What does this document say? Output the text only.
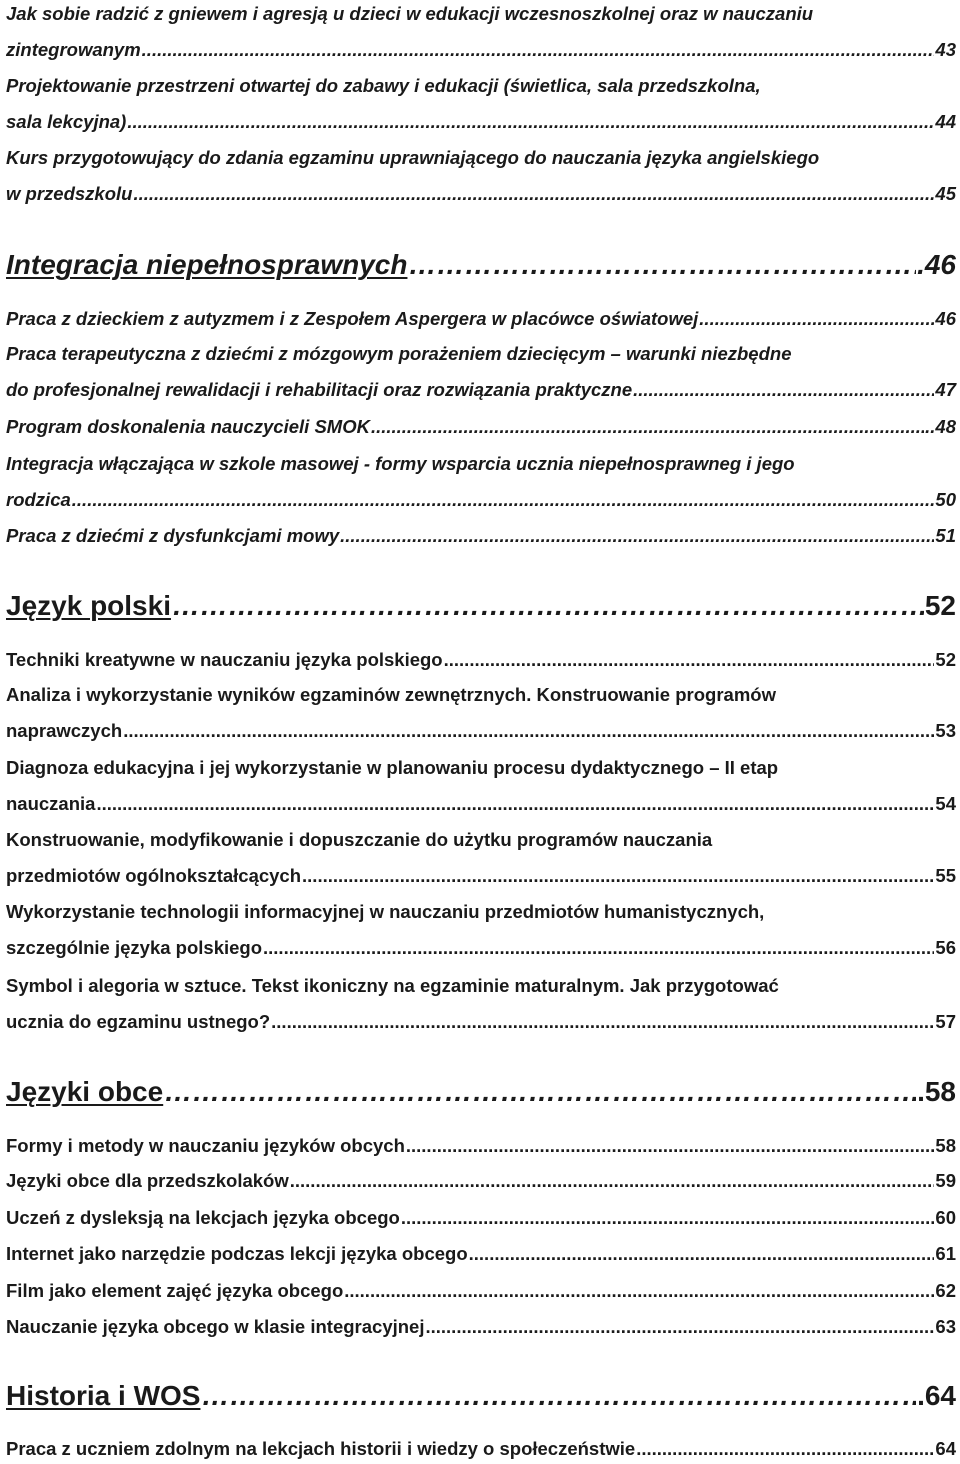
Jak sobie radzić z gniewem i agresją u dzieci w edukacji wczesnoszkolnej oraz w nauczaniu
zintegrowanym .....	43
Projektowanie przestrzeni otwartej do zabawy i edukacji (świetlica, sala przedszkolna,
sala lekcyjna) .....	44
Kurs przygotowujący do zdania egzaminu uprawniającego do nauczania języka angielskiego
w przedszkolu .....	45
Integracja niepełnosprawnych ……………………………………………………………………………………………………………………………………………………………………………	.46
Praca z dzieckiem z autyzmem i z Zespołem Aspergera w placówce oświatowej .....	46
Praca terapeutyczna z dziećmi z mózgowym porażeniem dziecięcym – warunki niezbędne
do profesjonalnej rewalidacji i rehabilitacji oraz rozwiązania praktyczne .....	47
Program doskonalenia nauczycieli SMOK .....	..48
Integracja włączająca w szkole masowej - formy wsparcia ucznia niepełnosprawneg i jego
rodzica .....	50
Praca z dziećmi z dysfunkcjami mowy .....	51
Język polski ……………………………………………………………………………………………………………………………………………………………………………	52
Techniki kreatywne w nauczaniu języka polskiego .....	52
Analiza i wykorzystanie wyników egzaminów zewnętrznych. Konstruowanie programów
naprawczych .....	53
Diagnoza edukacyjna i jej wykorzystanie w planowaniu procesu dydaktycznego – II etap
nauczania .....	54
Konstruowanie, modyfikowanie i dopuszczanie do użytku programów nauczania
przedmiotów ogólnokształcących .....	55
Wykorzystanie technologii informacyjnej w nauczaniu przedmiotów humanistycznych,
szczególnie języka polskiego .....	56
Symbol i alegoria w sztuce. Tekst ikoniczny na egzaminie maturalnym. Jak przygotować
ucznia do egzaminu ustnego? .....	57
Języki obce ……………………………………………………………………………………………………………………………………………………………………………	.58
Formy i metody w nauczaniu języków obcych .....	58
Języki obce dla przedszkolaków .....	59
Uczeń z dysleksją na lekcjach języka obcego .....	60
Internet jako narzędzie podczas lekcji języka obcego .....	61
Film jako element zajęć języka obcego .....	62
Nauczanie języka obcego w klasie integracyjnej .....	63
Historia i WOS ……………………………………………………………………………………………………………………………………………………………………………	.64
Praca z uczniem zdolnym na lekcjach historii i wiedzy o społeczeństwie .....	64
